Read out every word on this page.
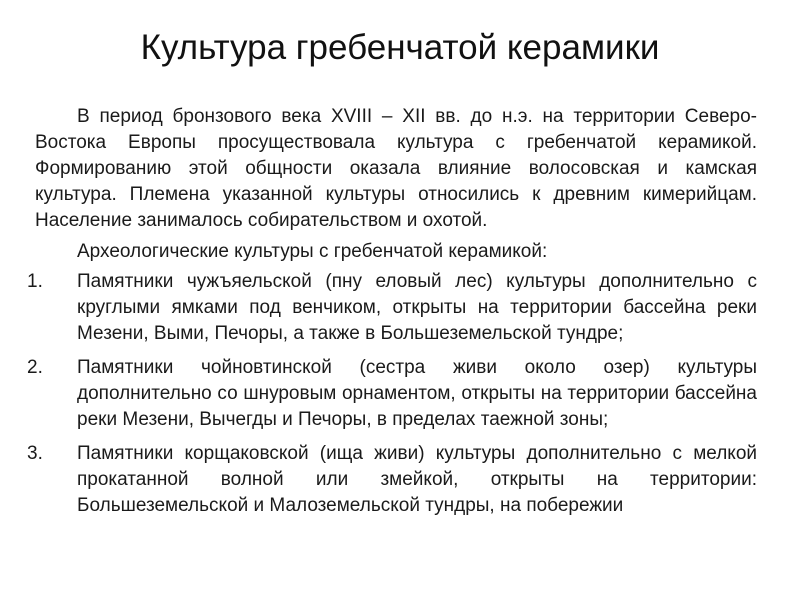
Культура гребенчатой керамики

В период бронзового века XVIII – XII вв. до н.э. на территории Северо-Востока Европы просуществовала культура с гребенчатой керамикой. Формированию этой общности оказала влияние волосовская и камская культура. Племена указанной культуры относились к древним кимерийцам. Население занималось собирательством и охотой.

Археологические культуры с гребенчатой керамикой:

1.	Памятники чужъяельской (пну еловый лес) культуры дополнительно с круглыми ямками под венчиком, открыты на территории бассейна реки Мезени, Выми, Печоры, а также в Большеземельской тундре;
2.	Памятники чойновтинской (сестра живи около озер) культуры дополнительно со шнуровым орнаментом, открыты на территории бассейна реки Мезени, Вычегды и Печоры, в пределах таежной зоны;
3.	Памятники корщаковской (ища живи) культуры дополнительно с мелкой прокатанной волной или змейкой, открыты на территории: Большеземельской и Малоземельской тундры, на побережии
